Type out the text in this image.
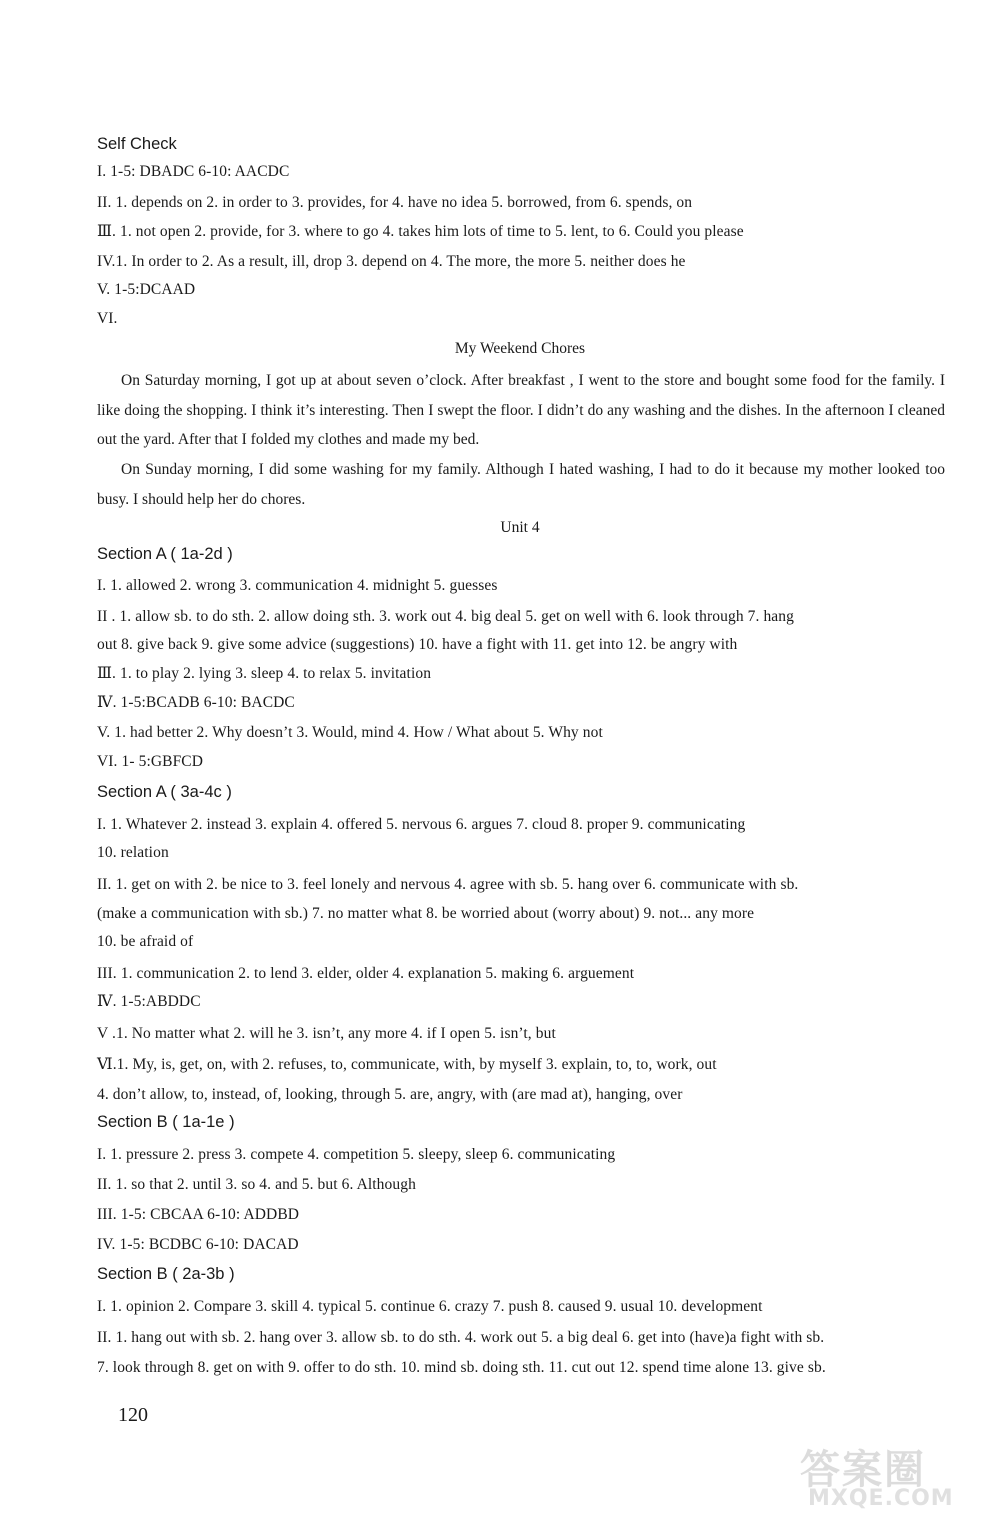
Self Check
I. 1-5: DBADC 6-10: AACDC
II. 1. depends on 2. in order to 3. provides, for 4. have no idea 5. borrowed, from 6. spends, on
Ⅲ. 1. not open 2. provide, for 3. where to go 4. takes him lots of time to 5. lent, to 6. Could you please
IV.1. In order to 2. As a result, ill, drop 3. depend on 4. The more, the more 5. neither does he
V. 1-5:DCAAD
VI.
My Weekend Chores
Unit 4
Section A ( 1a-2d )
I. 1. allowed 2. wrong 3. communication 4. midnight 5. guesses
II . 1. allow sb. to do sth. 2. allow doing sth. 3. work out 4. big deal 5. get on well with 6. look through 7. hang
out 8. give back 9. give some advice (suggestions) 10. have a fight with 11. get into 12. be angry with
Ⅲ. 1. to play 2. lying 3. sleep 4. to relax 5. invitation
Ⅳ. 1-5:BCADB 6-10: BACDC
V. 1. had better 2. Why doesn’t 3. Would, mind 4. How / What about 5. Why not
VI. 1- 5:GBFCD
Section A ( 3a-4c )
I. 1. Whatever 2. instead 3. explain 4. offered 5. nervous 6. argues 7. cloud 8. proper 9. communicating
10. relation
II. 1. get on with 2. be nice to 3. feel lonely and nervous 4. agree with sb. 5. hang over 6. communicate with sb.
(make a communication with sb.) 7. no matter what 8. be worried about (worry about) 9. not... any more
10. be afraid of
III. 1. communication 2. to lend 3. elder, older 4. explanation 5. making 6. arguement
Ⅳ. 1-5:ABDDC
V .1. No matter what 2. will he 3. isn’t, any more 4. if I open 5. isn’t, but
Ⅵ.1. My, is, get, on, with 2. refuses, to, communicate, with, by myself 3. explain, to, to, work, out
4. don’t allow, to, instead, of, looking, through 5. are, angry, with (are mad at), hanging, over
Section B ( 1a-1e )
I. 1. pressure 2. press 3. compete 4. competition 5. sleepy, sleep 6. communicating
II. 1. so that 2. until 3. so 4. and 5. but 6. Although
III. 1-5: CBCAA 6-10: ADDBD
IV. 1-5: BCDBC 6-10: DACAD
Section B ( 2a-3b )
I. 1. opinion 2. Compare 3. skill 4. typical 5. continue 6. crazy 7. push 8. caused 9. usual 10. development
II. 1. hang out with sb. 2. hang over 3. allow sb. to do sth. 4. work out 5. a big deal 6. get into (have)a fight with sb.
7. look through 8. get on with 9. offer to do sth. 10. mind sb. doing sth. 11. cut out 12. spend time alone 13. give sb.
On Saturday morning, I got up at about seven o’clock. After breakfast , I went to the store and bought some food for the family. I like doing the shopping. I think it’s interesting. Then I swept the floor. I didn’t do any washing and the dishes. In the afternoon I cleaned out the yard. After that I folded my clothes and made my bed.
On Sunday morning, I did some washing for my family. Although I hated washing, I had to do it because my mother looked too busy. I should help her do chores.
120
答案圈
MXQE.COM
